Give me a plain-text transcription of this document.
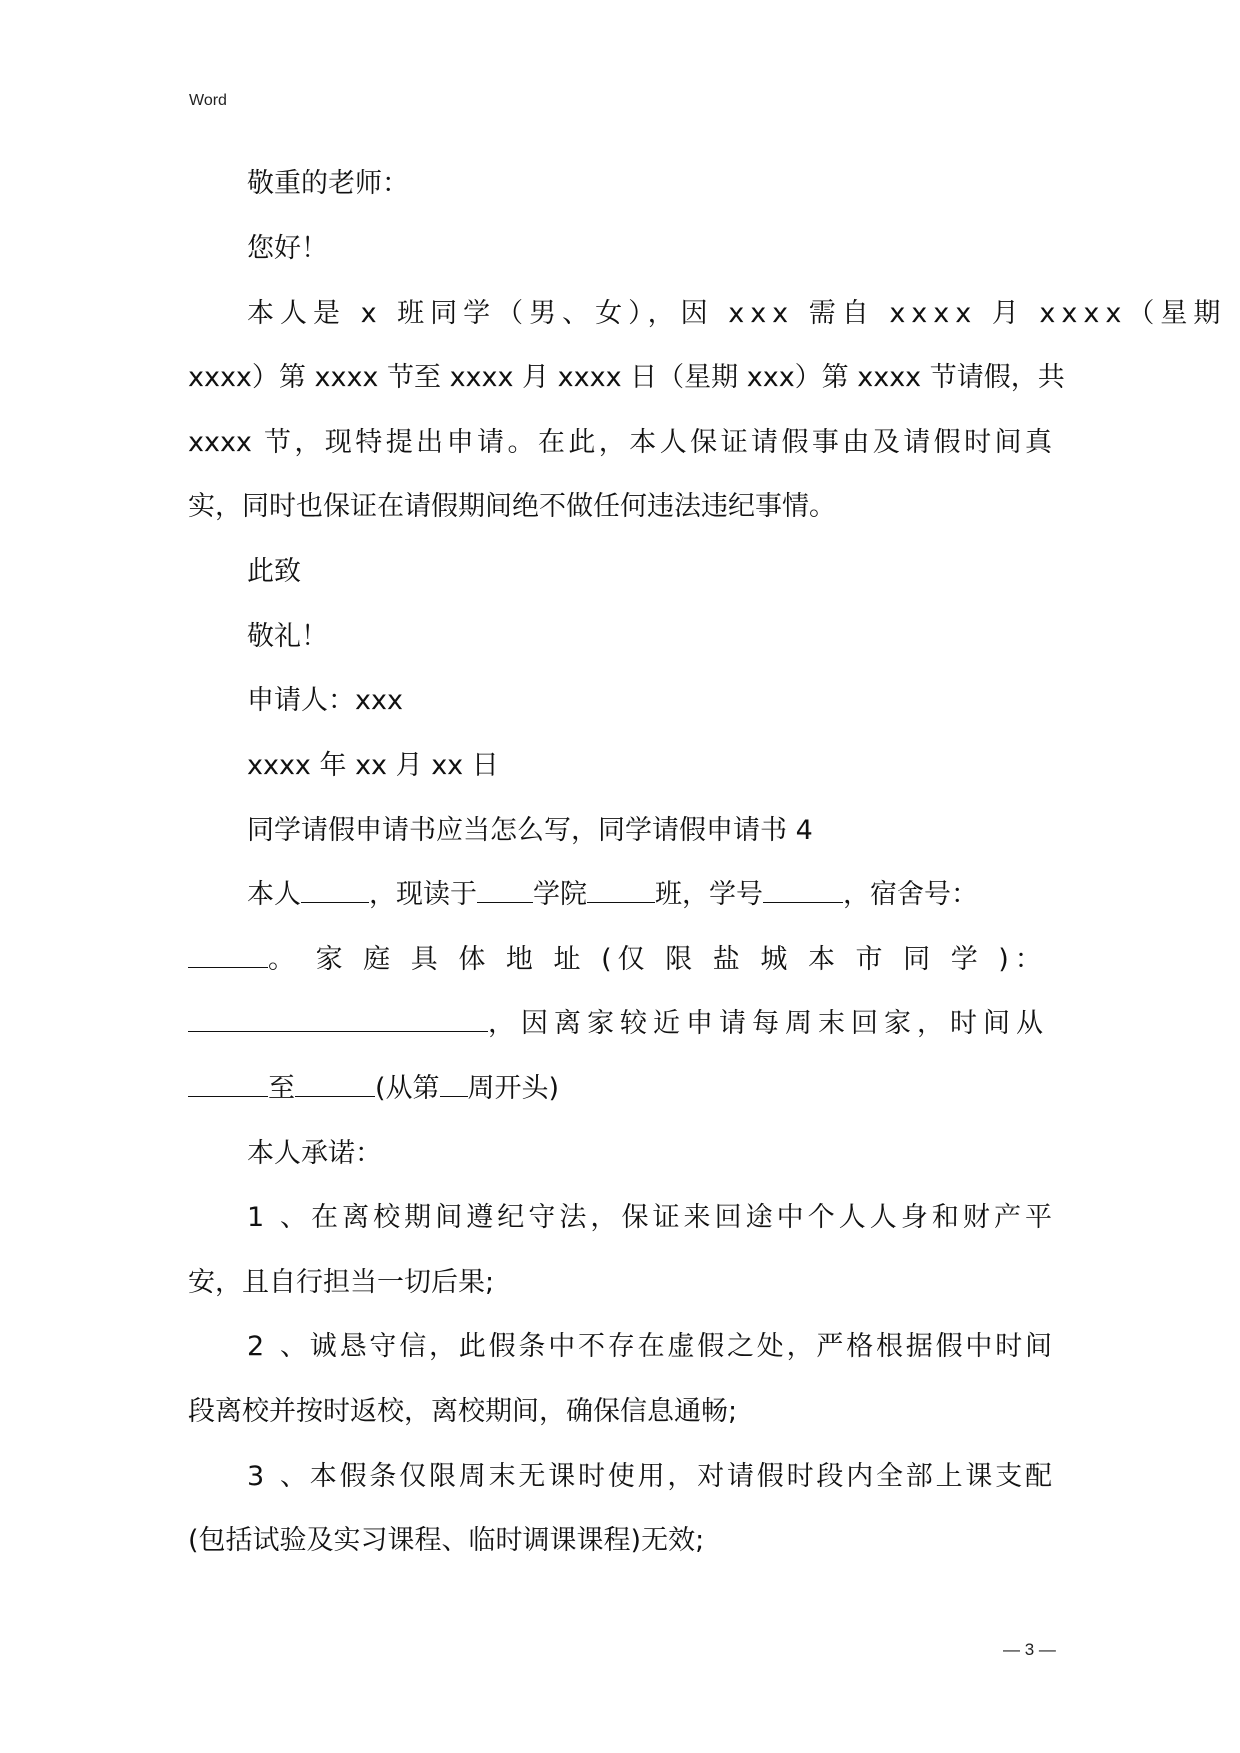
Word
敬重的老师：
您好！
本人是 x 班同学（男、女），因 xxx 需自 xxxx 月 xxxx（星期
xxxx）第 xxxx 节至 xxxx 月 xxxx 日（星期 xxx）第 xxxx 节请假，共
xxxx 节，现特提出申请。在此，本人保证请假事由及请假时间真
实，同时也保证在请假期间绝不做任何违法违纪事情。
此致
敬礼！
申请人：xxx
xxxx 年 xx 月 xx 日
同学请假申请书应当怎么写，同学请假申请书 4
本人	，现读于 学院	班，学号	，宿舍号：
。 家 庭 具 体 地 址 (仅 限 盐 城 本 市 同 学 )：
，因离家较近申请每周末回家，时间从
至	(从第 周开头)
本人承诺：
1、在离校期间遵纪守法，保证来回途中个人人身和财产平
安，且自行担当一切后果;
2、诚恳守信，此假条中不存在虚假之处，严格根据假中时间
段离校并按时返校，离校期间，确保信息通畅;
3、本假条仅限周末无课时使用，对请假时段内全部上课支配
(包括试验及实习课程、临时调课课程)无效;
— 3 —
